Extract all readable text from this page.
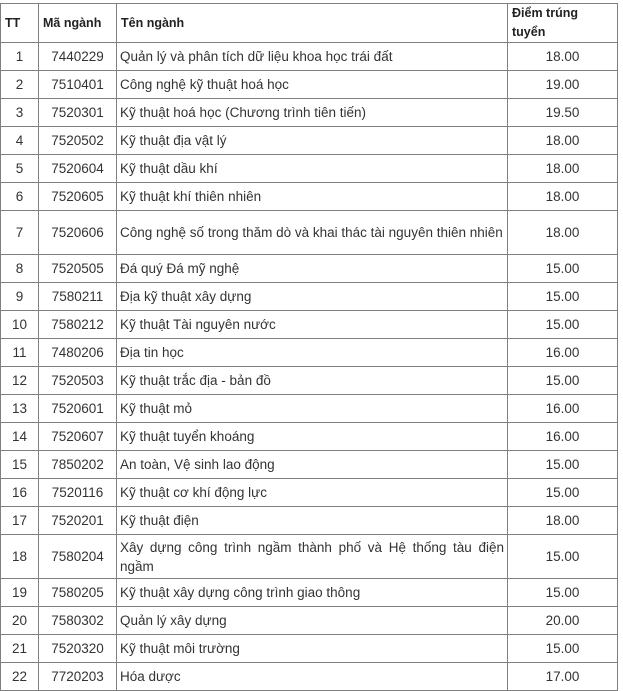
TT	Mã ngành	Tên ngành	Điểm trúng tuyển
1	7440229	Quản lý và phân tích dữ liệu khoa học trái đất	18.00
2	7510401	Công nghệ kỹ thuật hoá học	19.00
3	7520301	Kỹ thuật hoá học (Chương trình tiên tiến)	19.50
4	7520502	Kỹ thuật địa vật lý	18.00
5	7520604	Kỹ thuật dầu khí	18.00
6	7520605	Kỹ thuật khí thiên nhiên	18.00
7	7520606	Công nghệ số trong thăm dò và khai thác tài nguyên thiên nhiên	18.00
8	7520505	Đá quý Đá mỹ nghệ	15.00
9	7580211	Địa kỹ thuật xây dựng	15.00
10	7580212	Kỹ thuật Tài nguyên nước	15.00
11	7480206	Địa tin học	16.00
12	7520503	Kỹ thuật trắc địa - bản đồ	15.00
13	7520601	Kỹ thuật mỏ	16.00
14	7520607	Kỹ thuật tuyển khoáng	16.00
15	7850202	An toàn, Vệ sinh lao động	15.00
16	7520116	Kỹ thuật cơ khí động lực	15.00
17	7520201	Kỹ thuật điện	18.00
18	7580204	Xây dựng công trình ngầm thành phố và Hệ thống tàu điện ngầm	15.00
19	7580205	Kỹ thuật xây dựng công trình giao thông	15.00
20	7580302	Quản lý xây dựng	20.00
21	7520320	Kỹ thuật môi trường	15.00
22	7720203	Hóa dược	17.00
